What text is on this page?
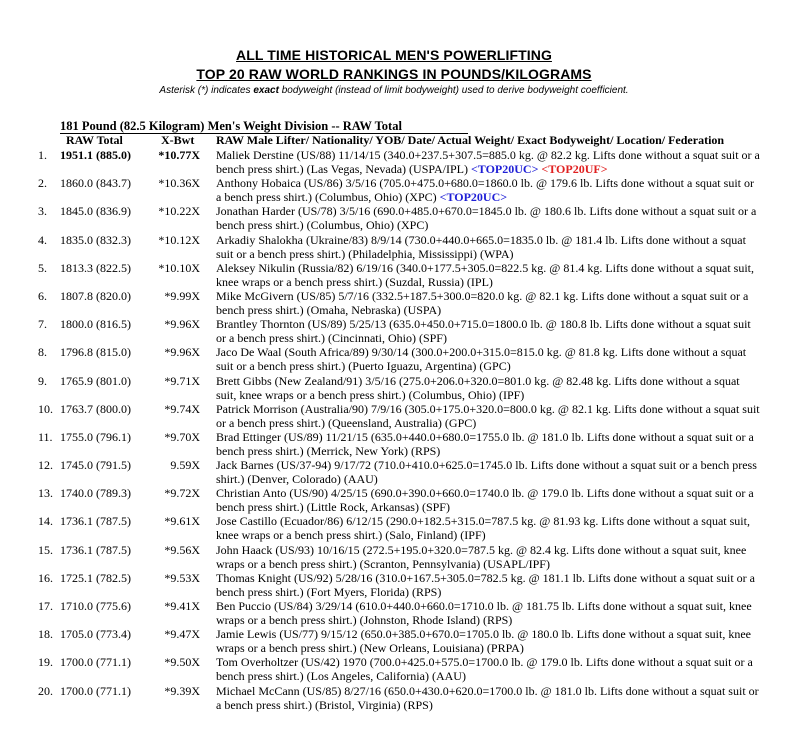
ALL TIME HISTORICAL MEN'S POWERLIFTING
TOP 20 RAW WORLD RANKINGS IN POUNDS/KILOGRAMS
Asterisk (*) indicates exact bodyweight (instead of limit bodyweight) used to derive bodyweight coefficient.
181 Pound (82.5 Kilogram) Men's Weight Division -- RAW Total
RAW Total	X-Bwt RAW Male Lifter/ Nationality/ YOB/ Date/ Actual Weight/ Exact Bodyweight/ Location/ Federation
1. 1951.1 (885.0) *10.77X Maliek Derstine (US/88) 11/14/15 (340.0+237.5+307.5=885.0 kg. @ 82.2 kg. Lifts done without a squat suit or a bench press shirt.) (Las Vegas, Nevada) (USPA/IPL) <TOP20UC> <TOP20UF>
2. 1860.0 (843.7) *10.36X Anthony Hobaica (US/86) 3/5/16 (705.0+475.0+680.0=1860.0 lb. @ 179.6 lb. Lifts done without a squat suit or a bench press shirt.) (Columbus, Ohio) (XPC) <TOP20UC>
3. 1845.0 (836.9) *10.22X Jonathan Harder (US/78) 3/5/16 (690.0+485.0+670.0=1845.0 lb. @ 180.6 lb. Lifts done without a squat suit or a bench press shirt.) (Columbus, Ohio) (XPC)
4. 1835.0 (832.3) *10.12X Arkadiy Shalokha (Ukraine/83) 8/9/14 (730.0+440.0+665.0=1835.0 lb. @ 181.4 lb. Lifts done without a squat suit or a bench press shirt.) (Philadelphia, Mississippi) (WPA)
5. 1813.3 (822.5) *10.10X Aleksey Nikulin (Russia/82) 6/19/16 (340.0+177.5+305.0=822.5 kg. @ 81.4 kg. Lifts done without a squat suit, knee wraps or a bench press shirt.) (Suzdal, Russia) (IPL)
6. 1807.8 (820.0)	*9.99X Mike McGivern (US/85) 5/7/16 (332.5+187.5+300.0=820.0 kg. @ 82.1 kg. Lifts done without a squat suit or a bench press shirt.) (Omaha, Nebraska) (USPA)
7. 1800.0 (816.5)	*9.96X Brantley Thornton (US/89) 5/25/13 (635.0+450.0+715.0=1800.0 lb. @ 180.8 lb. Lifts done without a squat suit or a bench press shirt.) (Cincinnati, Ohio) (SPF)
8. 1796.8 (815.0)	*9.96X Jaco De Waal (South Africa/89) 9/30/14 (300.0+200.0+315.0=815.0 kg. @ 81.8 kg. Lifts done without a squat suit or a bench press shirt.) (Puerto Iguazu, Argentina) (GPC)
9. 1765.9 (801.0)	*9.71X Brett Gibbs (New Zealand/91) 3/5/16 (275.0+206.0+320.0=801.0 kg. @ 82.48 kg. Lifts done without a squat suit, knee wraps or a bench press shirt.) (Columbus, Ohio) (IPF)
10. 1763.7 (800.0)	*9.74X Patrick Morrison (Australia/90) 7/9/16 (305.0+175.0+320.0=800.0 kg. @ 82.1 kg. Lifts done without a squat suit or a bench press shirt.) (Queensland, Australia) (GPC)
11. 1755.0 (796.1)	*9.70X Brad Ettinger (US/89) 11/21/15 (635.0+440.0+680.0=1755.0 lb. @ 181.0 lb. Lifts done without a squat suit or a bench press shirt.) (Merrick, New York) (RPS)
12. 1745.0 (791.5)	9.59X Jack Barnes (US/37-94) 9/17/72 (710.0+410.0+625.0=1745.0 lb. Lifts done without a squat suit or a bench press shirt.) (Denver, Colorado) (AAU)
13. 1740.0 (789.3)	*9.72X Christian Anto (US/90) 4/25/15 (690.0+390.0+660.0=1740.0 lb. @ 179.0 lb. Lifts done without a squat suit or a bench press shirt.) (Little Rock, Arkansas) (SPF)
14. 1736.1 (787.5)	*9.61X Jose Castillo (Ecuador/86) 6/12/15 (290.0+182.5+315.0=787.5 kg. @ 81.93 kg. Lifts done without a squat suit, knee wraps or a bench press shirt.) (Salo, Finland) (IPF)
15. 1736.1 (787.5)	*9.56X John Haack (US/93) 10/16/15 (272.5+195.0+320.0=787.5 kg. @ 82.4 kg. Lifts done without a squat suit, knee wraps or a bench press shirt.) (Scranton, Pennsylvania) (USAPL/IPF)
16. 1725.1 (782.5)	*9.53X Thomas Knight (US/92) 5/28/16 (310.0+167.5+305.0=782.5 kg. @ 181.1 lb. Lifts done without a squat suit or a bench press shirt.) (Fort Myers, Florida) (RPS)
17. 1710.0 (775.6)	*9.41X Ben Puccio (US/84) 3/29/14 (610.0+440.0+660.0=1710.0 lb. @ 181.75 lb. Lifts done without a squat suit, knee wraps or a bench press shirt.) (Johnston, Rhode Island) (RPS)
18. 1705.0 (773.4)	*9.47X Jamie Lewis (US/77) 9/15/12 (650.0+385.0+670.0=1705.0 lb. @ 180.0 lb. Lifts done without a squat suit, knee wraps or a bench press shirt.) (New Orleans, Louisiana) (PRPA)
19. 1700.0 (771.1)	*9.50X Tom Overholtzer (US/42) 1970 (700.0+425.0+575.0=1700.0 lb. @ 179.0 lb. Lifts done without a squat suit or a bench press shirt.) (Los Angeles, California) (AAU)
20. 1700.0 (771.1)	*9.39X Michael McCann (US/85) 8/27/16 (650.0+430.0+620.0=1700.0 lb. @ 181.0 lb. Lifts done without a squat suit or a bench press shirt.) (Bristol, Virginia) (RPS)
